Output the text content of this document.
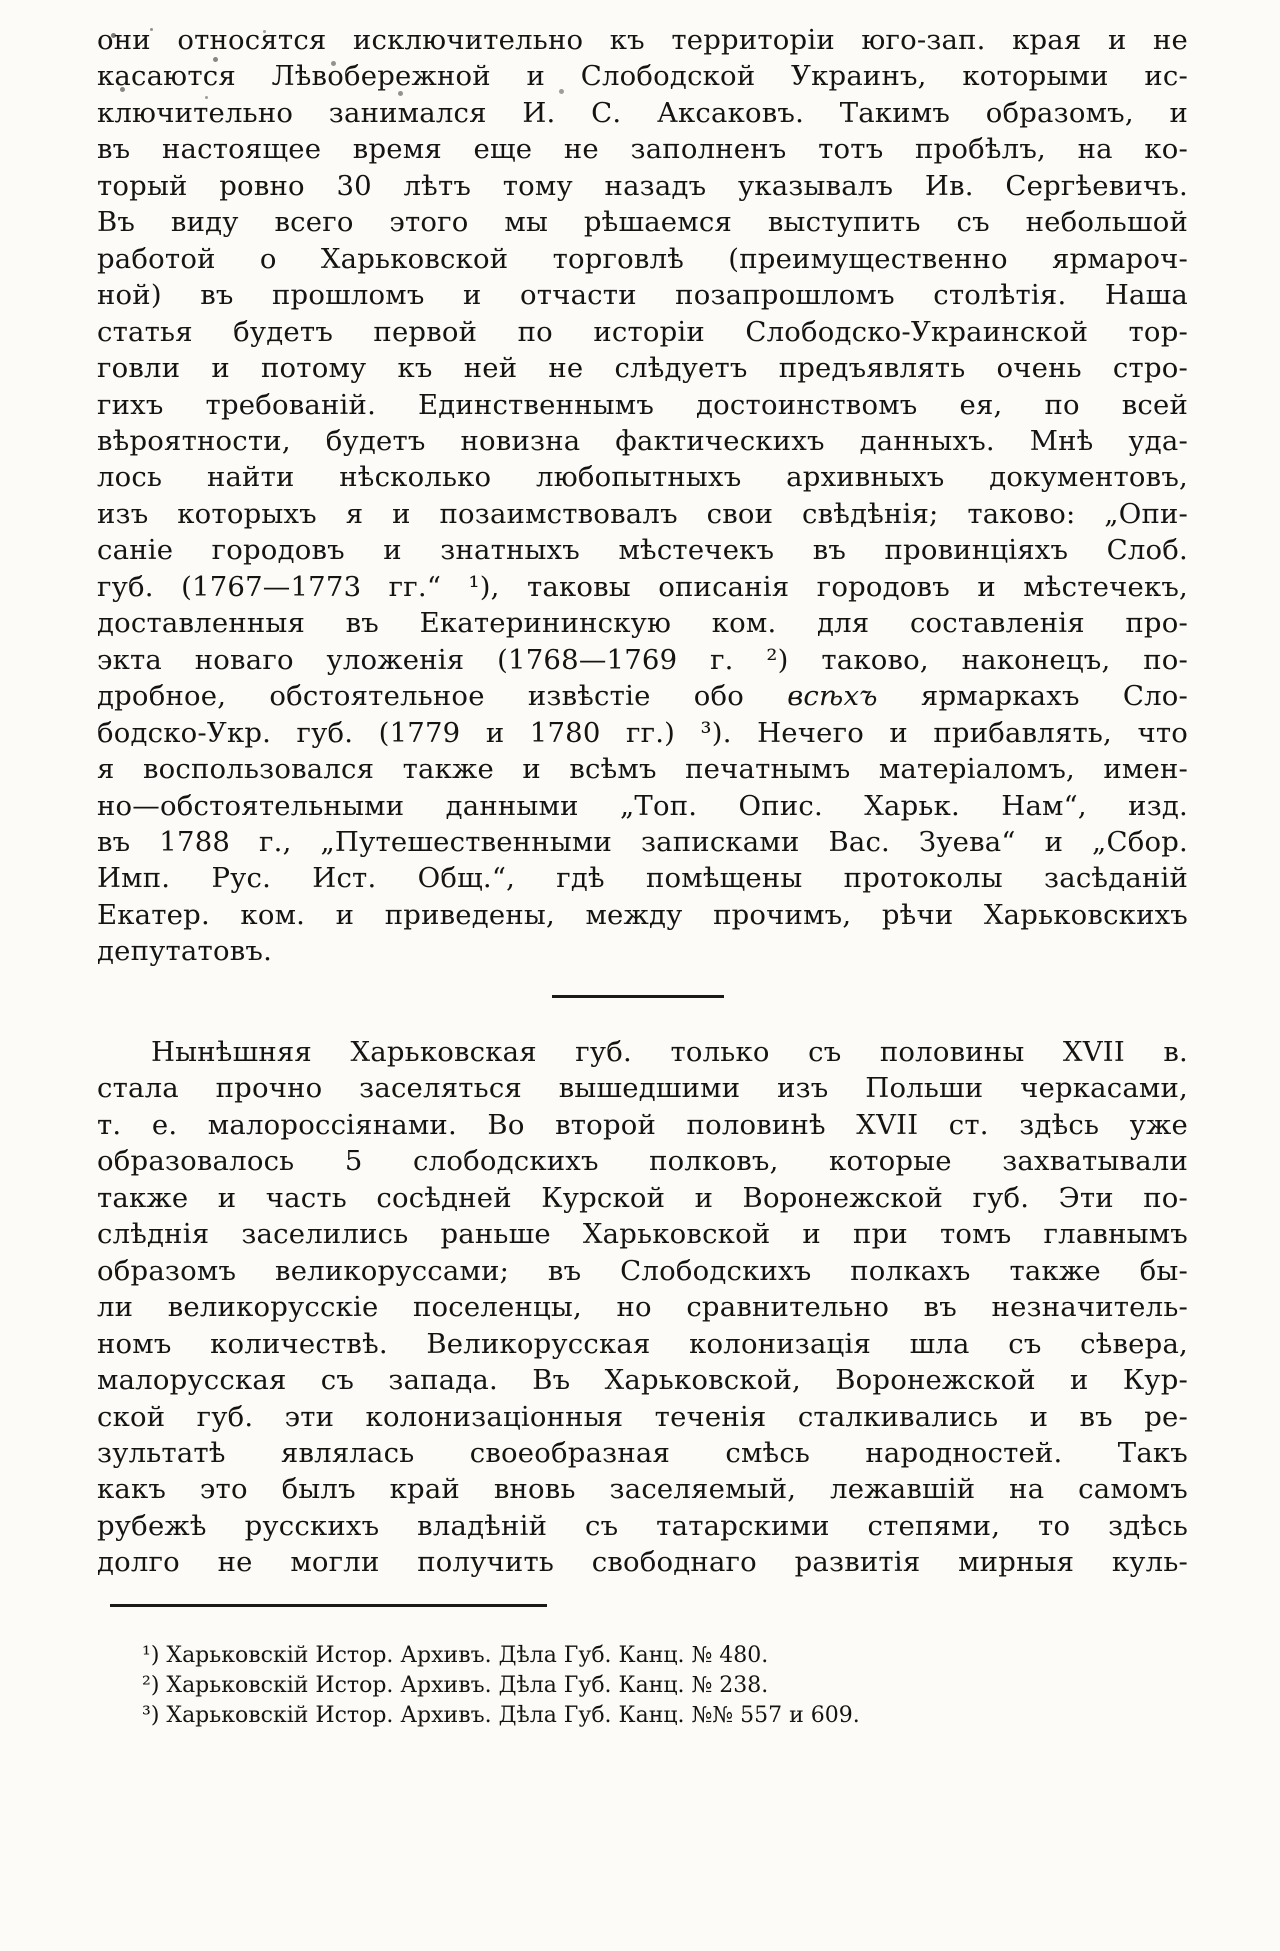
они относятся исключительно къ территоріи юго-зап. края и не
касаются Лѣвобережной и Слободской Украинъ, которыми ис-
ключительно занимался И. С. Аксаковъ. Такимъ образомъ, и
въ настоящее время еще не заполненъ тотъ пробѣлъ, на ко-
торый ровно 30 лѣтъ тому назадъ указывалъ Ив. Сергѣевичъ.
Въ виду всего этого мы рѣшаемся выступить съ небольшой
работой о Харьковской торговлѣ (преимущественно ярмароч-
ной) въ прошломъ и отчасти позапрошломъ столѣтія. Наша
статья будетъ первой по исторіи Слободско-Украинской тор-
говли и потому къ ней не слѣдуетъ предъявлять очень стро-
гихъ требованій. Единственнымъ достоинствомъ ея, по всей
вѣроятности, будетъ новизна фактическихъ данныхъ. Мнѣ уда-
лось найти нѣсколько любопытныхъ архивныхъ документовъ,
изъ которыхъ я и позаимствовалъ свои свѣдѣнія; таково: „Опи-
саніе городовъ и знатныхъ мѣстечекъ въ провинціяхъ Слоб.
губ. (1767—1773 гг.“ ¹), таковы описанія городовъ и мѣстечекъ,
доставленныя въ Екатерининскую ком. для составленія про-
экта новаго уложенія (1768—1769 г. ²) таково, наконецъ, по-
дробное, обстоятельное извѣстіе обо всѣхъ ярмаркахъ Сло-
бодско-Укр. губ. (1779 и 1780 гг.) ³). Нечего и прибавлять, что
я воспользовался также и всѣмъ печатнымъ матеріаломъ, имен-
но—обстоятельными данными „Топ. Опис. Харьк. Нам“, изд.
въ 1788 г., „Путешественными записками Вас. Зуева“ и „Сбор.
Имп. Рус. Ист. Общ.“, гдѣ помѣщены протоколы засѣданій
Екатер. ком. и приведены, между прочимъ, рѣчи Харьковскихъ
депутатовъ.
Нынѣшняя Харьковская губ. только съ половины XVII в.
стала прочно заселяться вышедшими изъ Польши черкасами,
т. е. малороссіянами. Во второй половинѣ XVII ст. здѣсь уже
образовалось 5 слободскихъ полковъ, которые захватывали
также и часть сосѣдней Курской и Воронежской губ. Эти по-
слѣднія заселились раньше Харьковской и при томъ главнымъ
образомъ великоруссами; въ Слободскихъ полкахъ также бы-
ли великорусскіе поселенцы, но сравнительно въ незначитель-
номъ количествѣ. Великорусская колонизація шла съ сѣвера,
малорусская съ запада. Въ Харьковской, Воронежской и Кур-
ской губ. эти колонизаціонныя теченія сталкивались и въ ре-
зультатѣ являлась своеобразная смѣсь народностей. Такъ
какъ это былъ край вновь заселяемый, лежавшій на самомъ
рубежѣ русскихъ владѣній съ татарскими степями, то здѣсь
долго не могли получить свободнаго развитія мирныя куль-
¹) Харьковскій Истор. Архивъ. Дѣла Губ. Канц. № 480.
²) Харьковскій Истор. Архивъ. Дѣла Губ. Канц. № 238.
³) Харьковскій Истор. Архивъ. Дѣла Губ. Канц. №№ 557 и 609.
